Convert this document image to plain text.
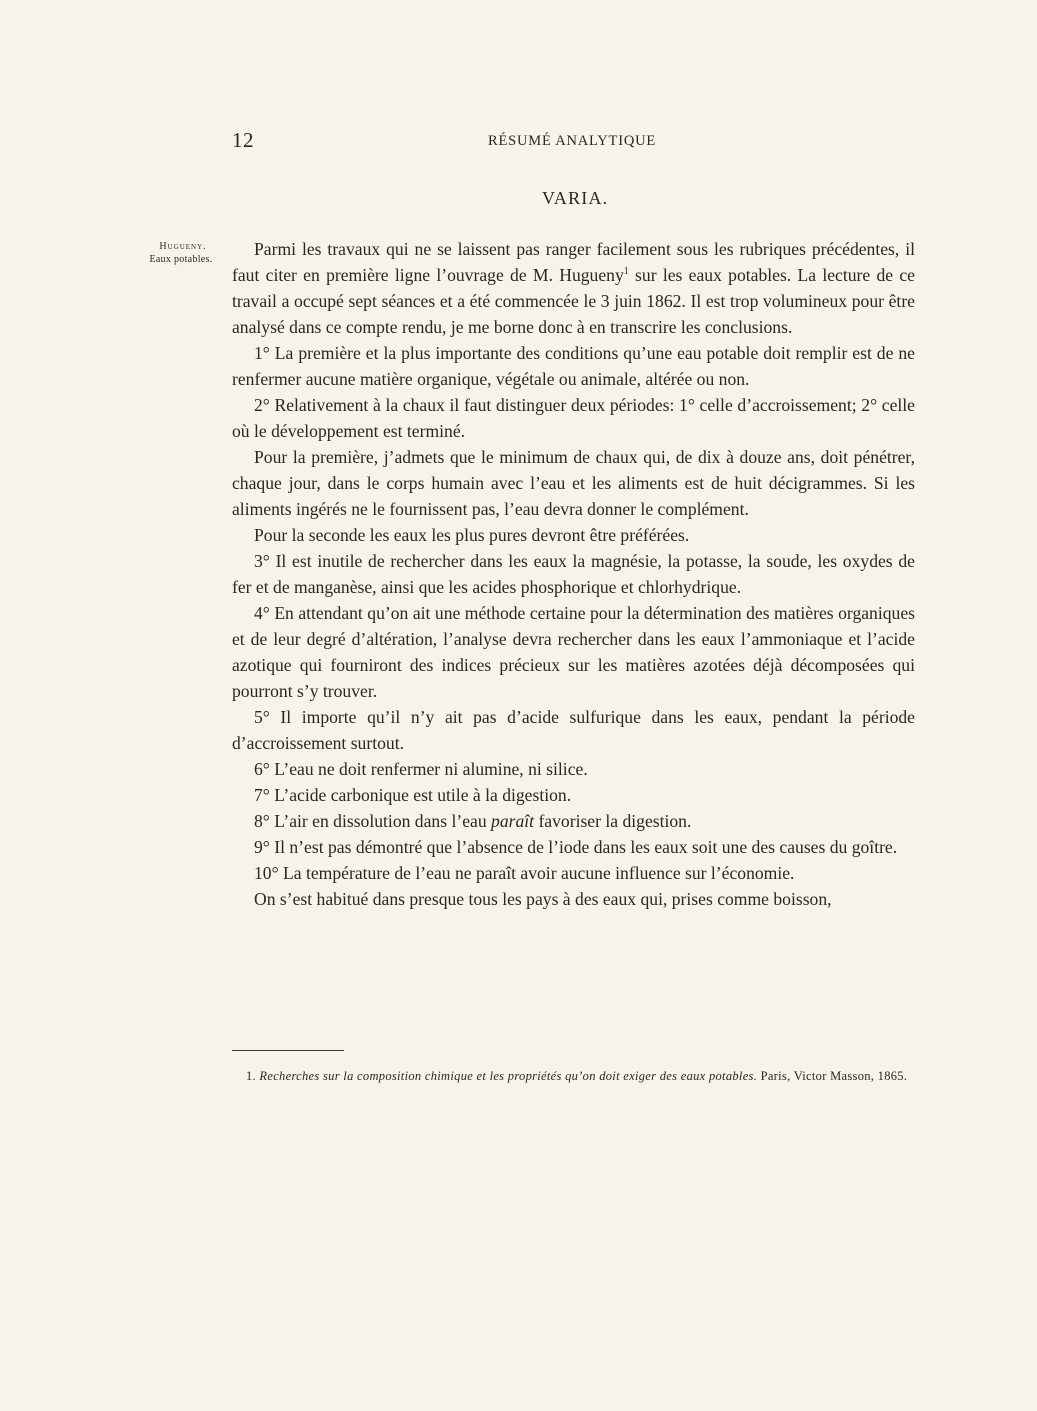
12	RÉSUMÉ ANALYTIQUE
VARIA.
Hugueny.
Eaux potables.

Parmi les travaux qui ne se laissent pas ranger facilement sous les rubriques précédentes, il faut citer en première ligne l’ouvrage de M. Hugueny$^1$ sur les eaux potables. La lecture de ce travail a occupé sept séances et a été commencée le 3 juin 1862. Il est trop volumineux pour être analysé dans ce compte rendu, je me borne donc à en transcrire les conclusions.

1° La première et la plus importante des conditions qu’une eau potable doit remplir est de ne renfermer aucune matière organique, végétale ou animale, altérée ou non.

2° Relativement à la chaux il faut distinguer deux périodes: 1° celle d’accroissement; 2° celle où le développement est terminé.

Pour la première, j’admets que le minimum de chaux qui, de dix à douze ans, doit pénétrer, chaque jour, dans le corps humain avec l’eau et les aliments est de huit décigrammes. Si les aliments ingérés ne le fournissent pas, l’eau devra donner le complément.

Pour la seconde les eaux les plus pures devront être préférées.

3° Il est inutile de rechercher dans les eaux la magnésie, la potasse, la soude, les oxydes de fer et de manganèse, ainsi que les acides phosphorique et chlorhydrique.

4° En attendant qu’on ait une méthode certaine pour la détermination des matières organiques et de leur degré d’altération, l’analyse devra rechercher dans les eaux l’ammoniaque et l’acide azotique qui fourniront des indices précieux sur les matières azotées déjà décomposées qui pourront s’y trouver.

5° Il importe qu’il n’y ait pas d’acide sulfurique dans les eaux, pendant la période d’accroissement surtout.

6° L’eau ne doit renfermer ni alumine, ni silice.

7° L’acide carbonique est utile à la digestion.

8° L’air en dissolution dans l’eau paraît favoriser la digestion.

9° Il n’est pas démontré que l’absence de l’iode dans les eaux soit une des causes du goître.

10° La température de l’eau ne paraît avoir aucune influence sur l’économie.

On s’est habitué dans presque tous les pays à des eaux qui, prises comme boisson,

1. Recherches sur la composition chimique et les propriétés qu’on doit exiger des eaux potables. Paris, Victor Masson, 1865.
